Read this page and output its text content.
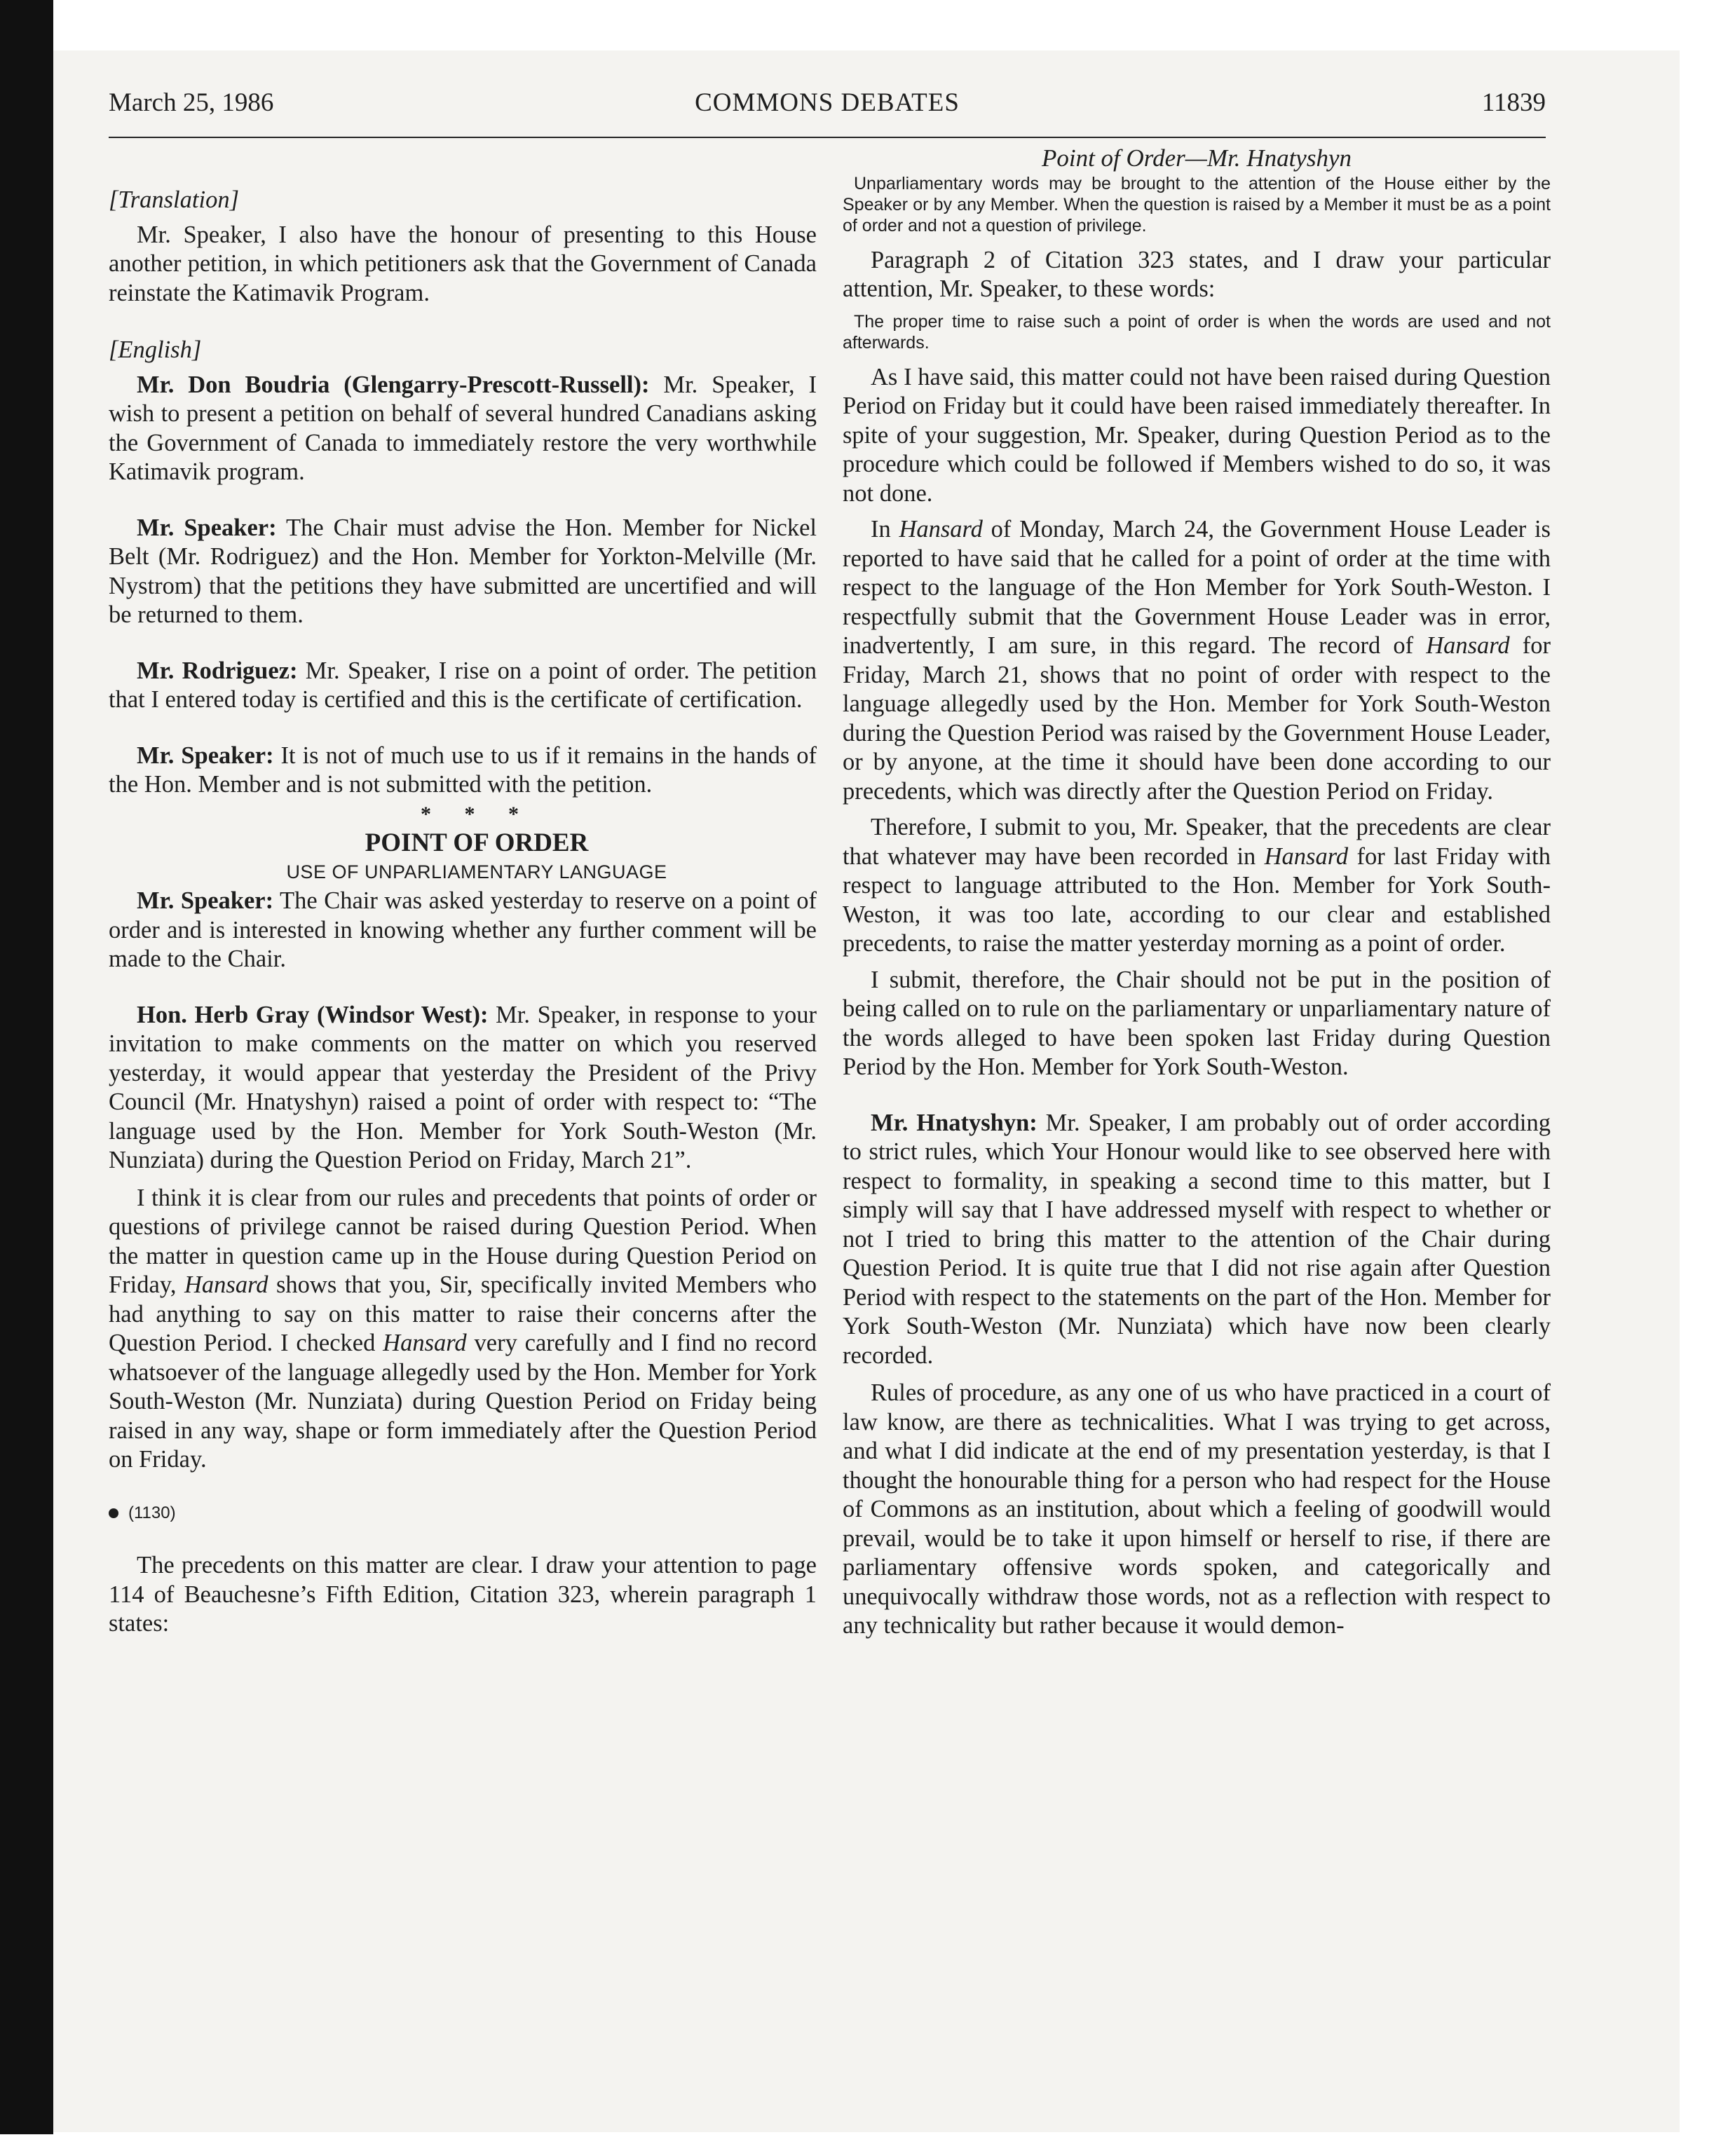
March 25, 1986	COMMONS DEBATES	11839

[Translation]

Mr. Speaker, I also have the honour of presenting to this House another petition, in which petitioners ask that the Government of Canada reinstate the Katimavik Program.

[English]

Mr. Don Boudria (Glengarry-Prescott-Russell): Mr. Speaker, I wish to present a petition on behalf of several hundred Canadians asking the Government of Canada to immediately restore the very worthwhile Katimavik program.

Mr. Speaker: The Chair must advise the Hon. Member for Nickel Belt (Mr. Rodriguez) and the Hon. Member for Yorkton-Melville (Mr. Nystrom) that the petitions they have submitted are uncertified and will be returned to them.

Mr. Rodriguez: Mr. Speaker, I rise on a point of order. The petition that I entered today is certified and this is the certificate of certification.

Mr. Speaker: It is not of much use to us if it remains in the hands of the Hon. Member and is not submitted with the petition.

* * *

POINT OF ORDER

USE OF UNPARLIAMENTARY LANGUAGE

Mr. Speaker: The Chair was asked yesterday to reserve on a point of order and is interested in knowing whether any further comment will be made to the Chair.

Hon. Herb Gray (Windsor West): Mr. Speaker, in response to your invitation to make comments on the matter on which you reserved yesterday, it would appear that yesterday the President of the Privy Council (Mr. Hnatyshyn) raised a point of order with respect to: “The language used by the Hon. Member for York South-Weston (Mr. Nunziata) during the Question Period on Friday, March 21”.

I think it is clear from our rules and precedents that points of order or questions of privilege cannot be raised during Question Period. When the matter in question came up in the House during Question Period on Friday, Hansard shows that you, Sir, specifically invited Members who had anything to say on this matter to raise their concerns after the Question Period. I checked Hansard very carefully and I find no record whatsoever of the language allegedly used by the Hon. Member for York South-Weston (Mr. Nunziata) during Question Period on Friday being raised in any way, shape or form immediately after the Question Period on Friday.

(1130)

The precedents on this matter are clear. I draw your attention to page 114 of Beauchesne’s Fifth Edition, Citation 323, wherein paragraph 1 states:

Point of Order—Mr. Hnatyshyn

Unparliamentary words may be brought to the attention of the House either by the Speaker or by any Member. When the question is raised by a Member it must be as a point of order and not a question of privilege.

Paragraph 2 of Citation 323 states, and I draw your particular attention, Mr. Speaker, to these words:

The proper time to raise such a point of order is when the words are used and not afterwards.

As I have said, this matter could not have been raised during Question Period on Friday but it could have been raised immediately thereafter. In spite of your suggestion, Mr. Speaker, during Question Period as to the procedure which could be followed if Members wished to do so, it was not done.

In Hansard of Monday, March 24, the Government House Leader is reported to have said that he called for a point of order at the time with respect to the language of the Hon Member for York South-Weston. I respectfully submit that the Government House Leader was in error, inadvertently, I am sure, in this regard. The record of Hansard for Friday, March 21, shows that no point of order with respect to the language allegedly used by the Hon. Member for York South-Weston during the Question Period was raised by the Government House Leader, or by anyone, at the time it should have been done according to our precedents, which was directly after the Question Period on Friday.

Therefore, I submit to you, Mr. Speaker, that the precedents are clear that whatever may have been recorded in Hansard for last Friday with respect to language attributed to the Hon. Member for York South-Weston, it was too late, according to our clear and established precedents, to raise the matter yesterday morning as a point of order.

I submit, therefore, the Chair should not be put in the position of being called on to rule on the parliamentary or unparliamentary nature of the words alleged to have been spoken last Friday during Question Period by the Hon. Member for York South-Weston.

Mr. Hnatyshyn: Mr. Speaker, I am probably out of order according to strict rules, which Your Honour would like to see observed here with respect to formality, in speaking a second time to this matter, but I simply will say that I have addressed myself with respect to whether or not I tried to bring this matter to the attention of the Chair during Question Period. It is quite true that I did not rise again after Question Period with respect to the statements on the part of the Hon. Member for York South-Weston (Mr. Nunziata) which have now been clearly recorded.

Rules of procedure, as any one of us who have practiced in a court of law know, are there as technicalities. What I was trying to get across, and what I did indicate at the end of my presentation yesterday, is that I thought the honourable thing for a person who had respect for the House of Commons as an institution, about which a feeling of goodwill would prevail, would be to take it upon himself or herself to rise, if there are parliamentary offensive words spoken, and categorically and unequivocally withdraw those words, not as a reflection with respect to any technicality but rather because it would demon-
